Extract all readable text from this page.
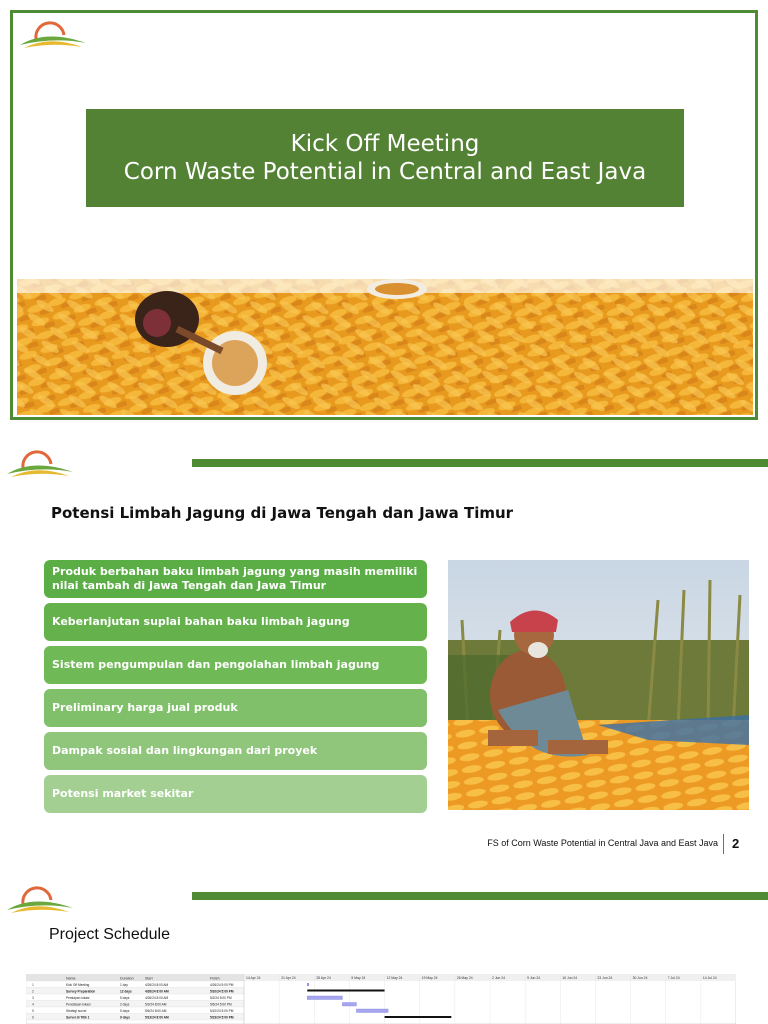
Kick Off Meeting
Corn Waste Potential in Central and East Java
Potensi Limbah Jagung di Jawa Tengah dan Jawa Timur
FS of Corn Waste Potential in Central Java and East Java 2
Produk berbahan baku limbah jagung yang masih memiliki nilai tambah di Jawa Tengah dan Jawa Timur
Keberlanjutan suplai bahan baku limbah jagung
Sistem pengumpulan dan pengolahan limbah jagung
Preliminary harga jual produk
Dampak sosial dan lingkungan dari proyek
Potensi market sekitar
Project Schedule
Name	Duration	Start	Finish
1	Kick Off Meeting	1 day	4/26/24 8:00 AM	4/26/24 5:00 PM
2	Survey Preparation	12 days	4/26/24 8:00 AM	5/10/24 5:00 PM
3	Persiapan lokasi	5 days	4/26/24 8:00 AM	5/2/24 5:00 PM
4	Pendataan lokasi	2 days	5/3/24 8:00 AM	5/6/24 5:00 PM
5	Strategi survei	5 days	5/6/24 8:00 AM	5/10/24 5:00 PM
6	Survei di Titik 1	9 days	5/13/24 8:00 AM	5/23/24 5:00 PM
14 Apr 24	21 Apr 24	28 Apr 24	5 May 24	12 May 24	19 May 24	26 May 24	2 Jun 24	9 Jun 24	16 Jun 24	23 Jun 24	30 Jun 24	7 Jul 24	14 Jul 24
